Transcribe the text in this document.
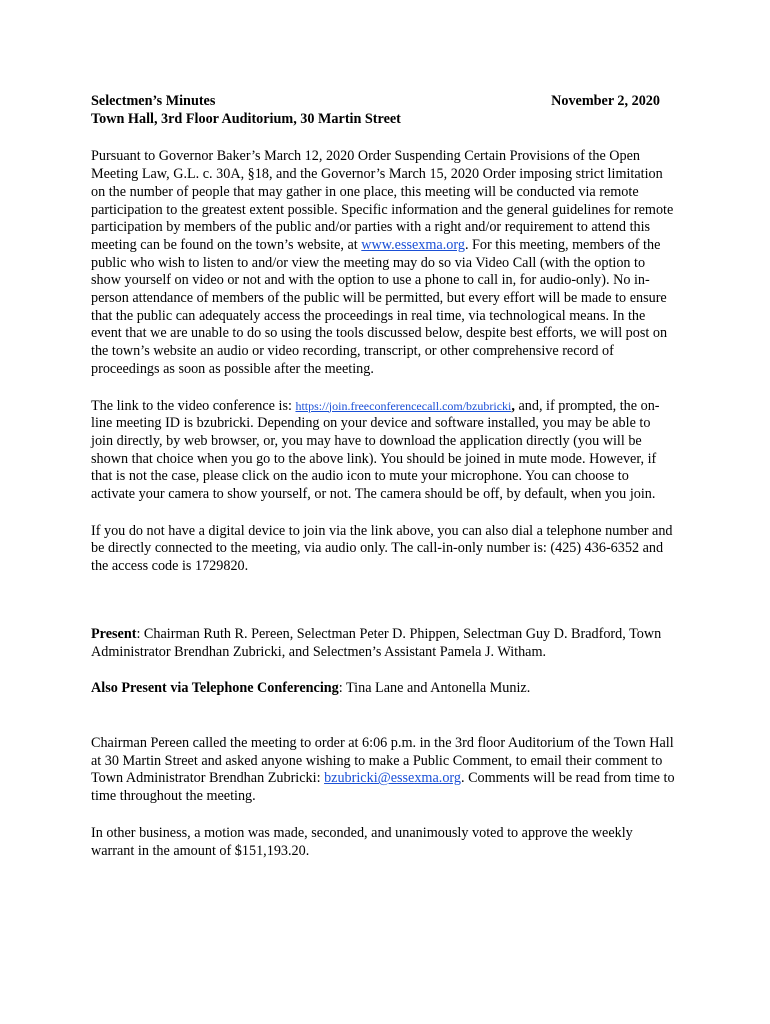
Selectmen’s Minutes	November 2, 2020
Town Hall, 3rd Floor Auditorium, 30 Martin Street

Pursuant to Governor Baker’s March 12, 2020 Order Suspending Certain Provisions of the Open Meeting Law, G.L. c. 30A, §18, and the Governor’s March 15, 2020 Order imposing strict limitation on the number of people that may gather in one place, this meeting will be conducted via remote participation to the greatest extent possible. Specific information and the general guidelines for remote participation by members of the public and/or parties with a right and/or requirement to attend this meeting can be found on the town’s website, at www.essexma.org. For this meeting, members of the public who wish to listen to and/or view the meeting may do so via Video Call (with the option to show yourself on video or not and with the option to use a phone to call in, for audio-only). No in-person attendance of members of the public will be permitted, but every effort will be made to ensure that the public can adequately access the proceedings in real time, via technological means. In the event that we are unable to do so using the tools discussed below, despite best efforts, we will post on the town’s website an audio or video recording, transcript, or other comprehensive record of proceedings as soon as possible after the meeting.

The link to the video conference is: https://join.freeconferencecall.com/bzubricki, and, if prompted, the on-line meeting ID is bzubricki. Depending on your device and software installed, you may be able to join directly, by web browser, or, you may have to download the application directly (you will be shown that choice when you go to the above link). You should be joined in mute mode. However, if that is not the case, please click on the audio icon to mute your microphone. You can choose to activate your camera to show yourself, or not. The camera should be off, by default, when you join.

If you do not have a digital device to join via the link above, you can also dial a telephone number and be directly connected to the meeting, via audio only. The call-in-only number is: (425) 436-6352 and the access code is 1729820.

Present: Chairman Ruth R. Pereen, Selectman Peter D. Phippen, Selectman Guy D. Bradford, Town Administrator Brendhan Zubricki, and Selectmen’s Assistant Pamela J. Witham.

Also Present via Telephone Conferencing: Tina Lane and Antonella Muniz.

Chairman Pereen called the meeting to order at 6:06 p.m. in the 3rd floor Auditorium of the Town Hall at 30 Martin Street and asked anyone wishing to make a Public Comment, to email their comment to Town Administrator Brendhan Zubricki: bzubricki@essexma.org. Comments will be read from time to time throughout the meeting.

In other business, a motion was made, seconded, and unanimously voted to approve the weekly warrant in the amount of $151,193.20.
